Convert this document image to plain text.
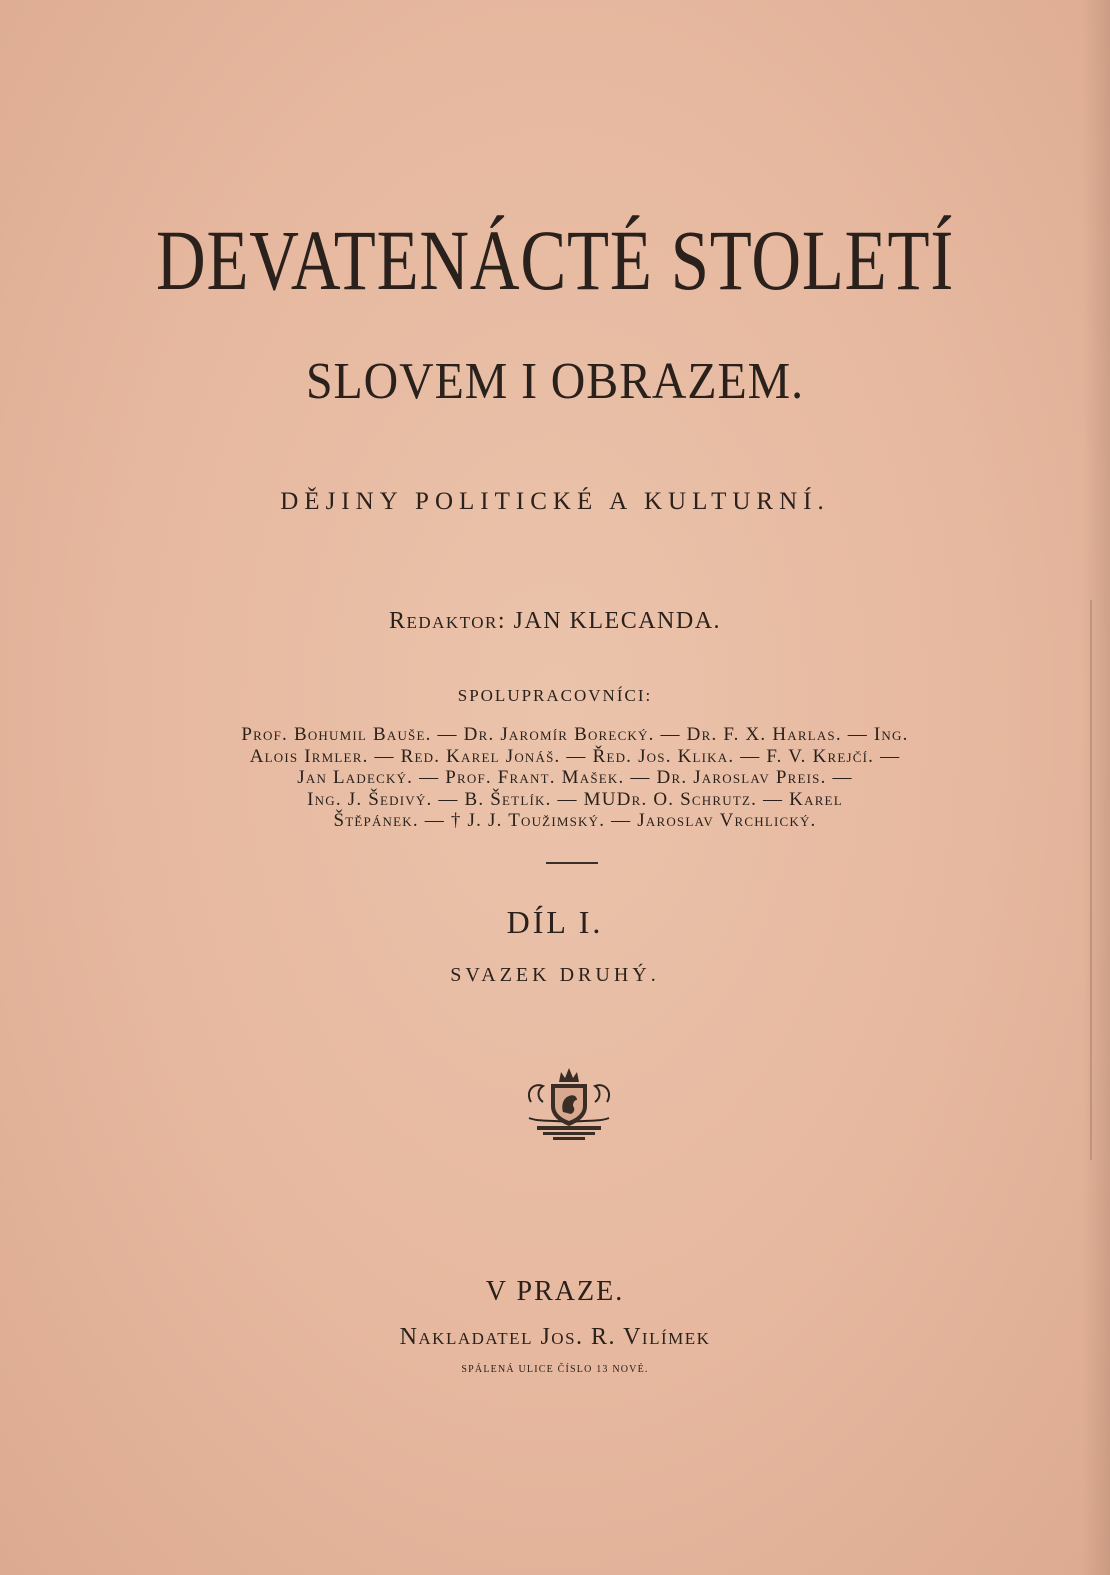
DEVATENÁCTÉ STOLETÍ
SLOVEM I OBRAZEM.
DĚJINY POLITICKÉ A KULTURNÍ.
Redaktor: JAN KLECANDA.
SPOLUPRACOVNÍCI:
Prof. Bohumil Bauše. — Dr. Jaromír Borecký. — Dr. F. X. Harlas. — Ing.
Alois Irmler. — Red. Karel Jonáš. — Řed. Jos. Klika. — F. V. Krejčí. —
Jan Ladecký. — Prof. Frant. Mašek. — Dr. Jaroslav Preis. —
Ing. J. Šedivý. — B. Šetlík. — MUDr. O. Schrutz. — Karel
Štěpánek. — † J. J. Toužimský. — Jaroslav Vrchlický.
DÍL I.
SVAZEK DRUHÝ.
V PRAZE.
Nakladatel Jos. R. Vilímek
SPÁLENÁ ULICE ČÍSLO 13 NOVÉ.
